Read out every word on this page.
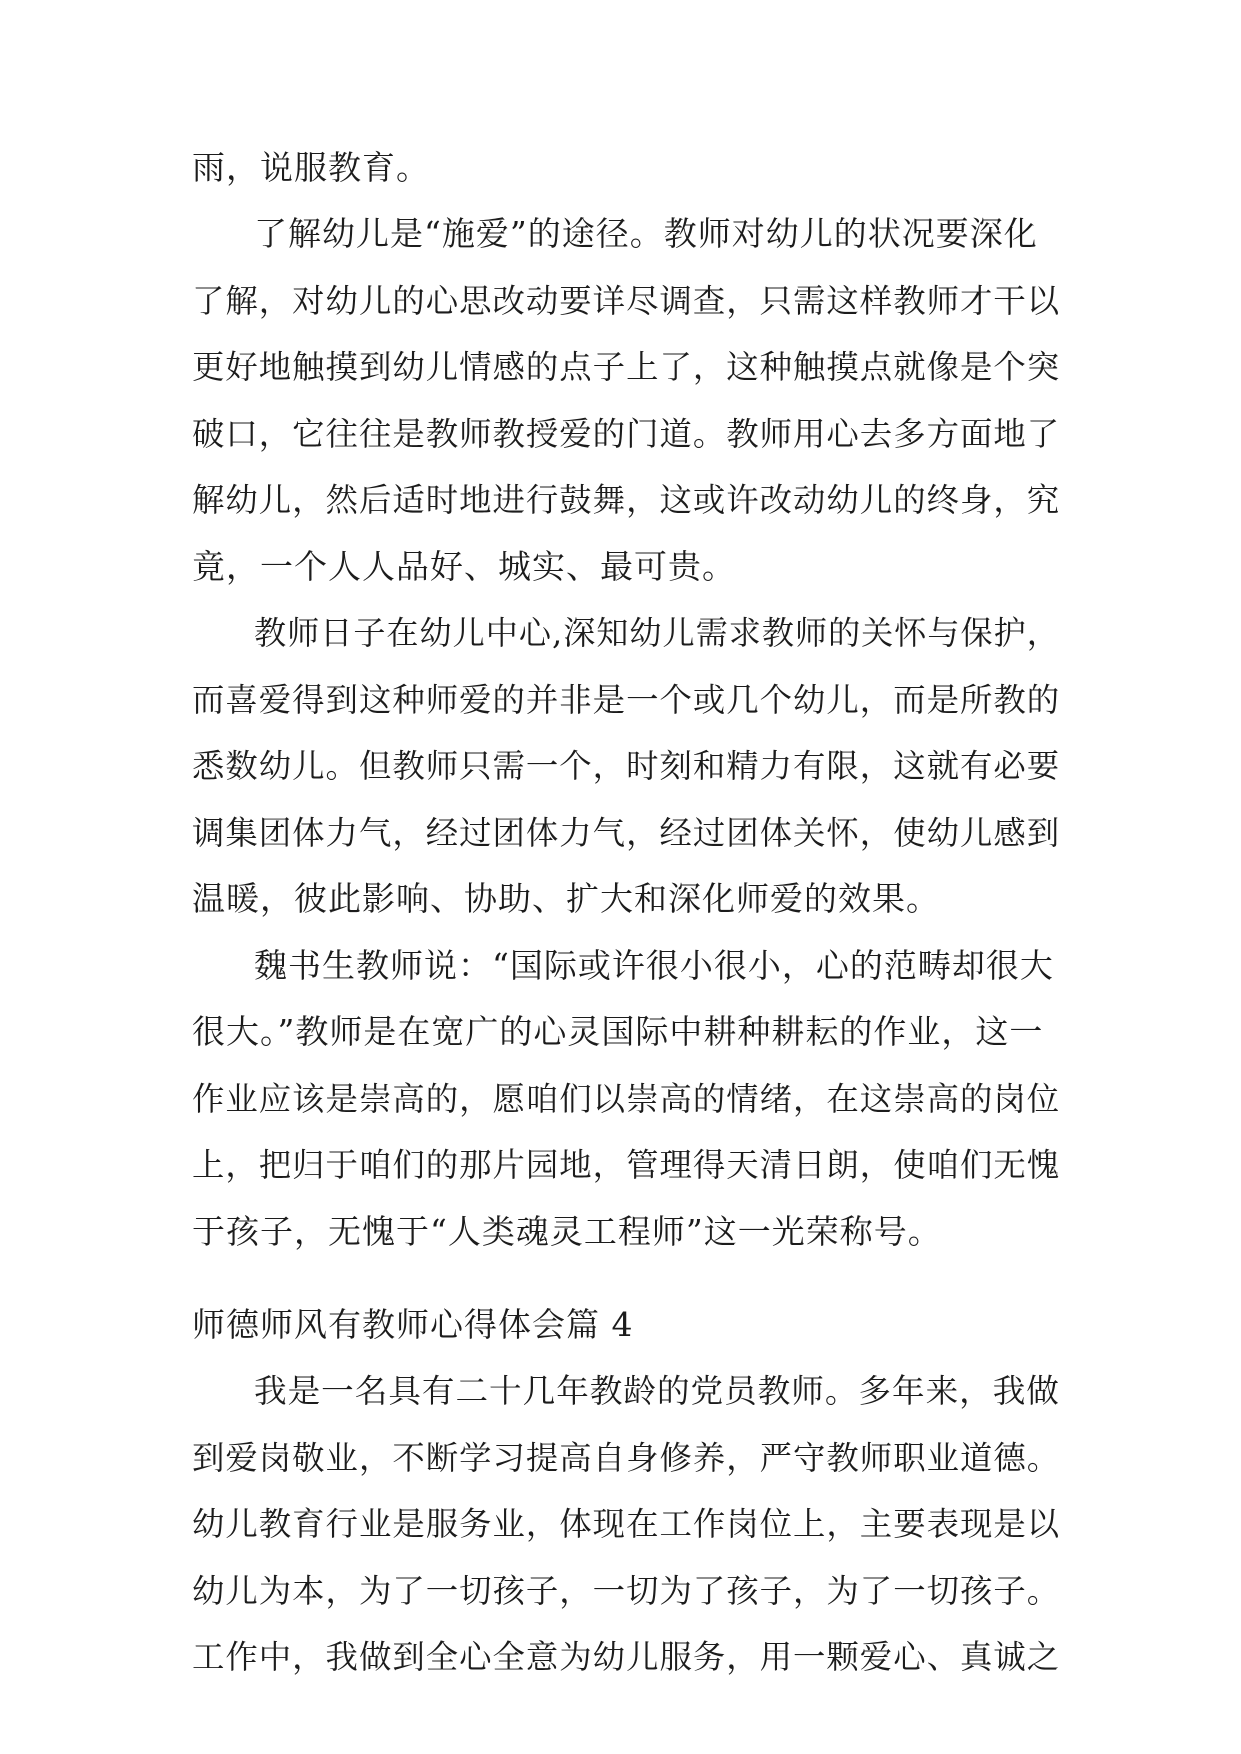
雨，说服教育。
了解幼儿是“施爱”的途径。教师对幼儿的状况要深化
了解，对幼儿的心思改动要详尽调查，只需这样教师才干以
更好地触摸到幼儿情感的点子上了，这种触摸点就像是个突
破口，它往往是教师教授爱的门道。教师用心去多方面地了
解幼儿，然后适时地进行鼓舞，这或许改动幼儿的终身，究
竟，一个人人品好、城实、最可贵。
教师日子在幼儿中心,深知幼儿需求教师的关怀与保护，
而喜爱得到这种师爱的并非是一个或几个幼儿，而是所教的
悉数幼儿。但教师只需一个，时刻和精力有限，这就有必要
调集团体力气，经过团体力气，经过团体关怀，使幼儿感到
温暖，彼此影响、协助、扩大和深化师爱的效果。
魏书生教师说：“国际或许很小很小，心的范畴却很大
很大。”教师是在宽广的心灵国际中耕种耕耘的作业，这一
作业应该是崇高的，愿咱们以崇高的情绪，在这崇高的岗位
上，把归于咱们的那片园地，管理得天清日朗，使咱们无愧
于孩子，无愧于“人类魂灵工程师”这一光荣称号。
师德师风有教师心得体会篇 4
我是一名具有二十几年教龄的党员教师。多年来，我做
到爱岗敬业，不断学习提高自身修养，严守教师职业道德。
幼儿教育行业是服务业，体现在工作岗位上，主要表现是以
幼儿为本，为了一切孩子，一切为了孩子，为了一切孩子。
工作中，我做到全心全意为幼儿服务，用一颗爱心、真诚之
